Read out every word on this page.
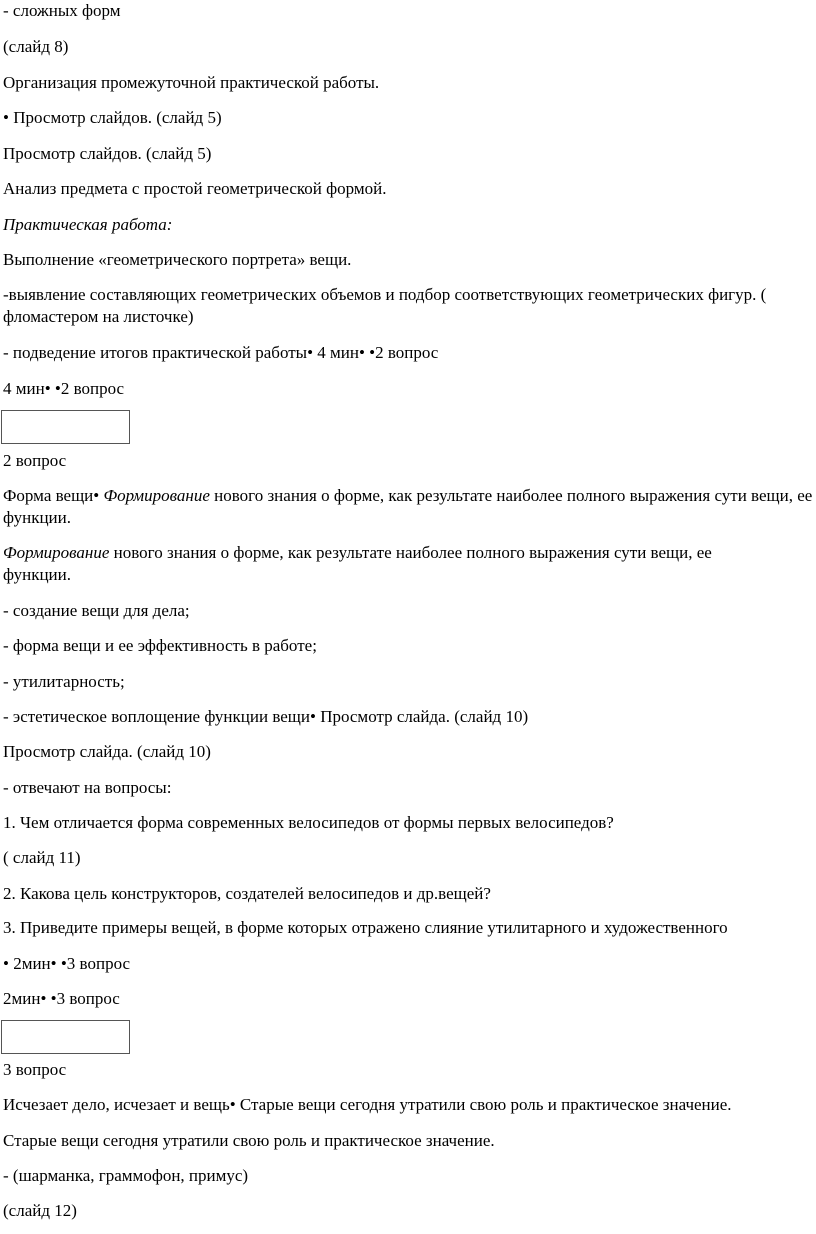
- сложных форм

(слайд 8)

Организация промежуточной практической работы.

• Просмотр слайдов. (слайд 5)

Просмотр слайдов. (слайд 5)

Анализ предмета с простой геометрической формой.

Практическая работа:

Выполнение «геометрического портрета» вещи.

-выявление составляющих геометрических объемов и подбор соответствующих геометрических фигур. ( фломастером на листочке)

- подведение итогов практической работы• 4 мин• •2 вопрос

4 мин• •2 вопрос

2 вопрос

Форма вещи• Формирование нового знания о форме, как результате наиболее полного выражения сути вещи, ее функции.

Формирование нового знания о форме, как результате наиболее полного выражения сути вещи, ее функции.

- создание вещи для дела;

- форма вещи и ее эффективность в работе;

- утилитарность;

- эстетическое воплощение функции вещи• Просмотр слайда. (слайд 10)

Просмотр слайда. (слайд 10)

- отвечают на вопросы:

1. Чем отличается форма современных велосипедов от формы первых велосипедов?

( слайд 11)

2. Какова цель конструкторов, создателей велосипедов и др.вещей?

3. Приведите примеры вещей, в форме которых отражено слияние утилитарного и художественного

• 2мин• •3 вопрос

2мин• •3 вопрос

3 вопрос

Исчезает дело, исчезает и вещь• Старые вещи сегодня утратили свою роль и практическое значение.

Старые вещи сегодня утратили свою роль и практическое значение.

- (шарманка, граммофон, примус)

(слайд 12)
